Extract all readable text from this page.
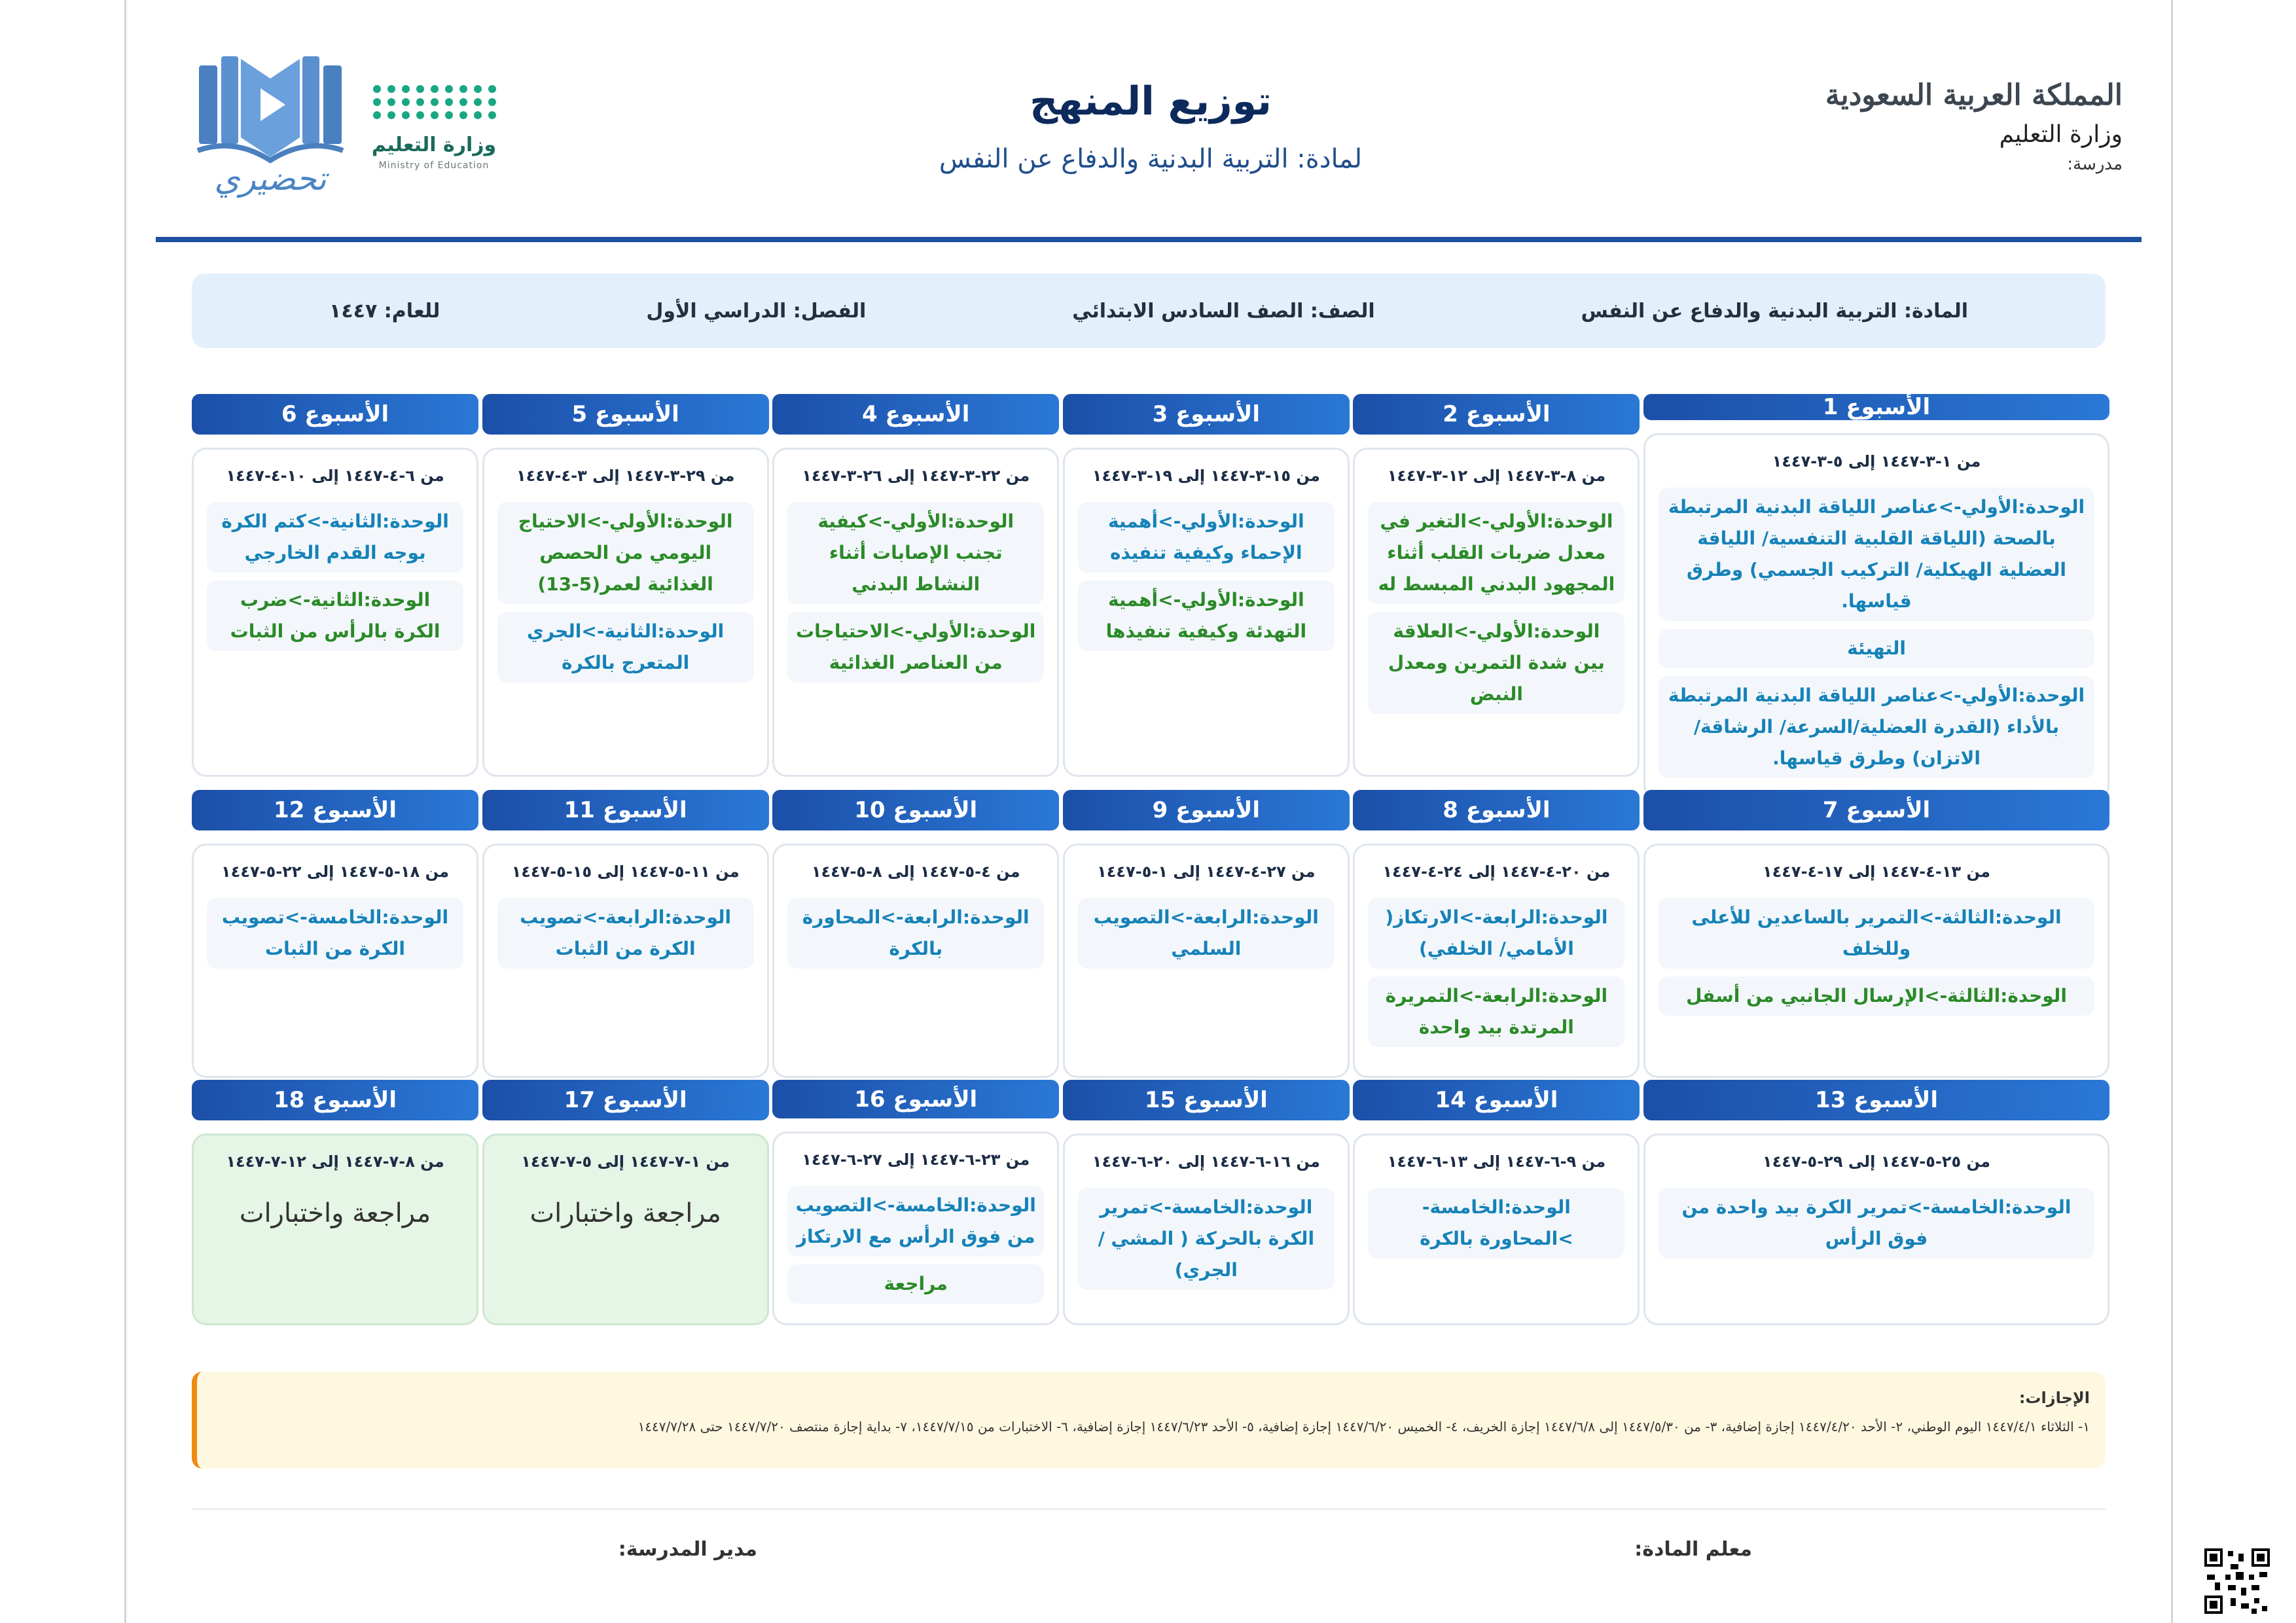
المملكة العربية السعودية
وزارة التعليم
مدرسة:
توزيع المنهج
لمادة: التربية البدنية والدفاع عن النفس
وزارة التعليم
Ministry of Education
تحضيري
المادة: التربية البدنية والدفاع عن النفس
الصف: الصف السادس الابتدائي
الفصل: الدراسي الأول
للعام: ١٤٤٧
الأسبوع 1
من ١-٣-١٤٤٧ إلى ٥-٣-١٤٤٧
الوحدة:الأولي->عناصر اللياقة البدنية المرتبطة بالصحة (اللياقة القلبية التنفسية/ اللياقة العضلية الهيكلية/ التركيب الجسمي) وطرق قياسها.
التهيئة
الوحدة:الأولي->عناصر اللياقة البدنية المرتبطة بالأداء (القدرة العضلية/السرعة/ الرشاقة/الاتزان) وطرق قياسها.
الأسبوع 2
من ٨-٣-١٤٤٧ إلى ١٢-٣-١٤٤٧
الوحدة:الأولي->التغير في معدل ضربات القلب أثناء المجهود البدني المبسط له
الوحدة:الأولي->العلاقة بين شدة التمرين ومعدل النبض
الأسبوع 3
من ١٥-٣-١٤٤٧ إلى ١٩-٣-١٤٤٧
الوحدة:الأولي->أهمية الإحماء وكيفية تنفيذه
الوحدة:الأولي->أهمية التهدئة وكيفية تنفيذها
الأسبوع 4
من ٢٢-٣-١٤٤٧ إلى ٢٦-٣-١٤٤٧
الوحدة:الأولي->كيفية تجنب الإصابات أثناء النشاط البدني
الوحدة:الأولي->الاحتياجات من العناصر الغذائية
الأسبوع 5
من ٢٩-٣-١٤٤٧ إلى ٣-٤-١٤٤٧
الوحدة:الأولي->الاحتياج اليومي من الحصص الغذائية لعمر(5-13)
الوحدة:الثانية->الجري المتعرج بالكرة
الأسبوع 6
من ٦-٤-١٤٤٧ إلى ١٠-٤-١٤٤٧
الوحدة:الثانية->كتم الكرة بوجه القدم الخارجي
الوحدة:الثانية->ضرب الكرة بالرأس من الثبات
الأسبوع 7
من ١٣-٤-١٤٤٧ إلى ١٧-٤-١٤٤٧
الوحدة:الثالثة->التمرير بالساعدين للأعلى وللخلف
الوحدة:الثالثة->الإرسال الجانبي من أسفل
الأسبوع 8
من ٢٠-٤-١٤٤٧ إلى ٢٤-٤-١٤٤٧
الوحدة:الرابعة->الارتكاز( الأمامي/ الخلفي)
الوحدة:الرابعة->التمريرة المرتدة بيد واحدة
الأسبوع 9
من ٢٧-٤-١٤٤٧ إلى ١-٥-١٤٤٧
الوحدة:الرابعة->التصويب السلمي
الأسبوع 10
من ٤-٥-١٤٤٧ إلى ٨-٥-١٤٤٧
الوحدة:الرابعة->المحاورة بالكرة
الأسبوع 11
من ١١-٥-١٤٤٧ إلى ١٥-٥-١٤٤٧
الوحدة:الرابعة->تصويب الكرة من الثبات
الأسبوع 12
من ١٨-٥-١٤٤٧ إلى ٢٢-٥-١٤٤٧
الوحدة:الخامسة->تصويب الكرة من الثبات
الأسبوع 13
من ٢٥-٥-١٤٤٧ إلى ٢٩-٥-١٤٤٧
الوحدة:الخامسة->تمرير الكرة بيد واحدة من فوق الرأس
الأسبوع 14
من ٩-٦-١٤٤٧ إلى ١٣-٦-١٤٤٧
الوحدة:الخامسة->المحاورة بالكرة
الأسبوع 15
من ١٦-٦-١٤٤٧ إلى ٢٠-٦-١٤٤٧
الوحدة:الخامسة->تمرير الكرة بالحركة ( المشي / الجري)
الأسبوع 16
من ٢٣-٦-١٤٤٧ إلى ٢٧-٦-١٤٤٧
الوحدة:الخامسة->التصويب من فوق الرأس مع الارتكاز
مراجعة
الأسبوع 17
من ١-٧-١٤٤٧ إلى ٥-٧-١٤٤٧
مراجعة واختبارات
الأسبوع 18
من ٨-٧-١٤٤٧ إلى ١٢-٧-١٤٤٧
مراجعة واختبارات
الإجازات:
١- الثلاثاء ١٤٤٧/٤/١ اليوم الوطني، ٢- الأحد ١٤٤٧/٤/٢٠ إجازة إضافية، ٣- من ١٤٤٧/٥/٣٠ إلى ١٤٤٧/٦/٨ إجازة الخريف، ٤- الخميس ١٤٤٧/٦/٢٠ إجازة إضافية، ٥- الأحد ١٤٤٧/٦/٢٣ إجازة إضافية، ٦- الاختبارات من ١٤٤٧/٧/١٥، ٧- بداية إجازة منتصف ١٤٤٧/٧/٢٠ حتى ١٤٤٧/٧/٢٨
معلم المادة:
مدير المدرسة:
